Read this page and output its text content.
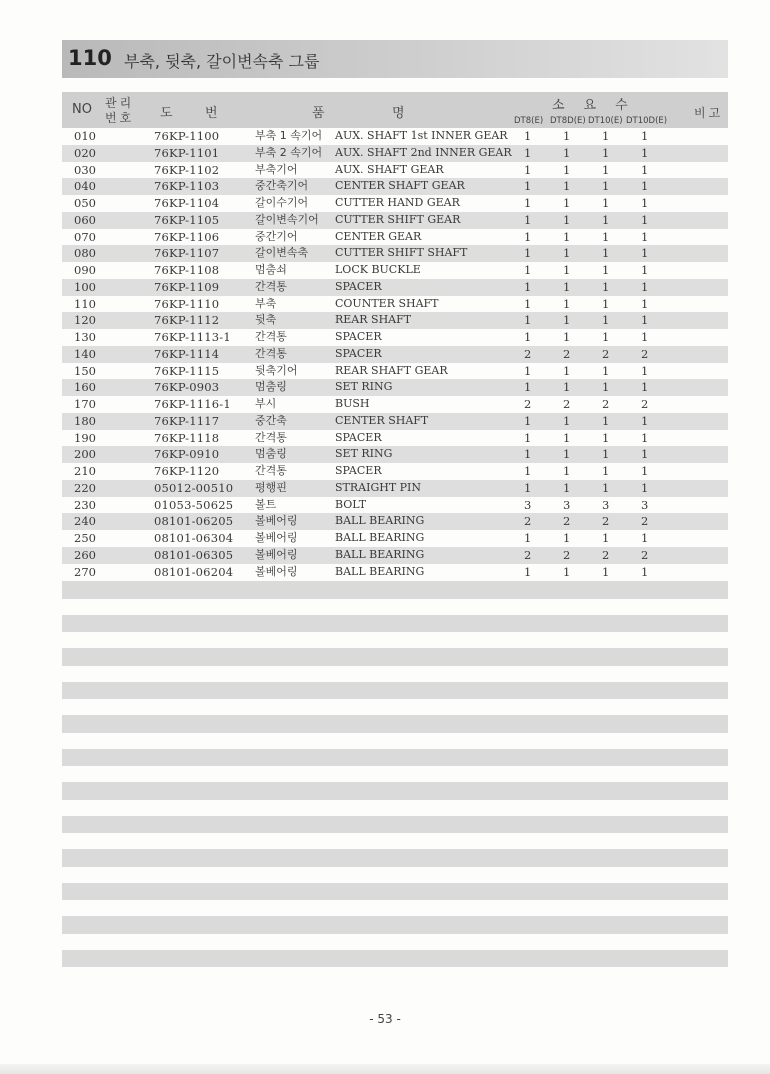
110 부축, 뒷축, 갈이변속축 그룹
NO 관리
번호 도 번	품	명
소요수
DT8(E) DT8D(E) DT10(E) DT10D(E)
비고
010	76KP-1100	부축 1 속기어 AUX. SHAFT 1st INNER GEAR 1	1	1	1
020	76KP-1101	부축 2 속기어 AUX. SHAFT 2nd INNER GEAR 1	1	1	1
030	76KP-1102	부축기어	AUX. SHAFT GEAR	1	1	1	1
040	76KP-1103	중간축기어 CENTER SHAFT GEAR	1	1	1	1
050	76KP-1104	갈이수기어 CUTTER HAND GEAR	1	1	1	1
060	76KP-1105	갈이변속기어 CUTTER SHIFT GEAR	1	1	1	1
070	76KP-1106	중간기어	CENTER GEAR	1	1	1	1
080	76KP-1107	갈이변속축 CUTTER SHIFT SHAFT	1	1	1	1
090	76KP-1108	멈춤쇠	LOCK BUCKLE	1	1	1	1
100	76KP-1109	간격통	SPACER	1	1	1	1
110	76KP-1110	부축	COUNTER SHAFT	1	1	1	1
120	76KP-1112	뒷축	REAR SHAFT	1	1	1	1
130	76KP-1113-1 간격통	SPACER	1	1	1	1
140	76KP-1114	간격통	SPACER	2	2	2	2
150	76KP-1115	뒷축기어	REAR SHAFT GEAR	1	1	1	1
160	76KP-0903	멈춤링	SET RING	1	1	1	1
170	76KP-1116-1 부시	BUSH	2	2	2	2
180	76KP-1117	중간축	CENTER SHAFT	1	1	1	1
190	76KP-1118	간격통	SPACER	1	1	1	1
200	76KP-0910	멈춤링	SET RING	1	1	1	1
210	76KP-1120	간격통	SPACER	1	1	1	1
220	05012-00510 평행핀	STRAIGHT PIN	1	1	1	1
230	01053-50625 볼트	BOLT	3	3	3	3
240	08101-06205 볼베어링	BALL BEARING	2	2	2	2
250	08101-06304 볼베어링	BALL BEARING	1	1	1	1
260	08101-06305 볼베어링	BALL BEARING	2	2	2	2
270	08101-06204 볼베어링	BALL BEARING	1	1	1	1
- 53 -
